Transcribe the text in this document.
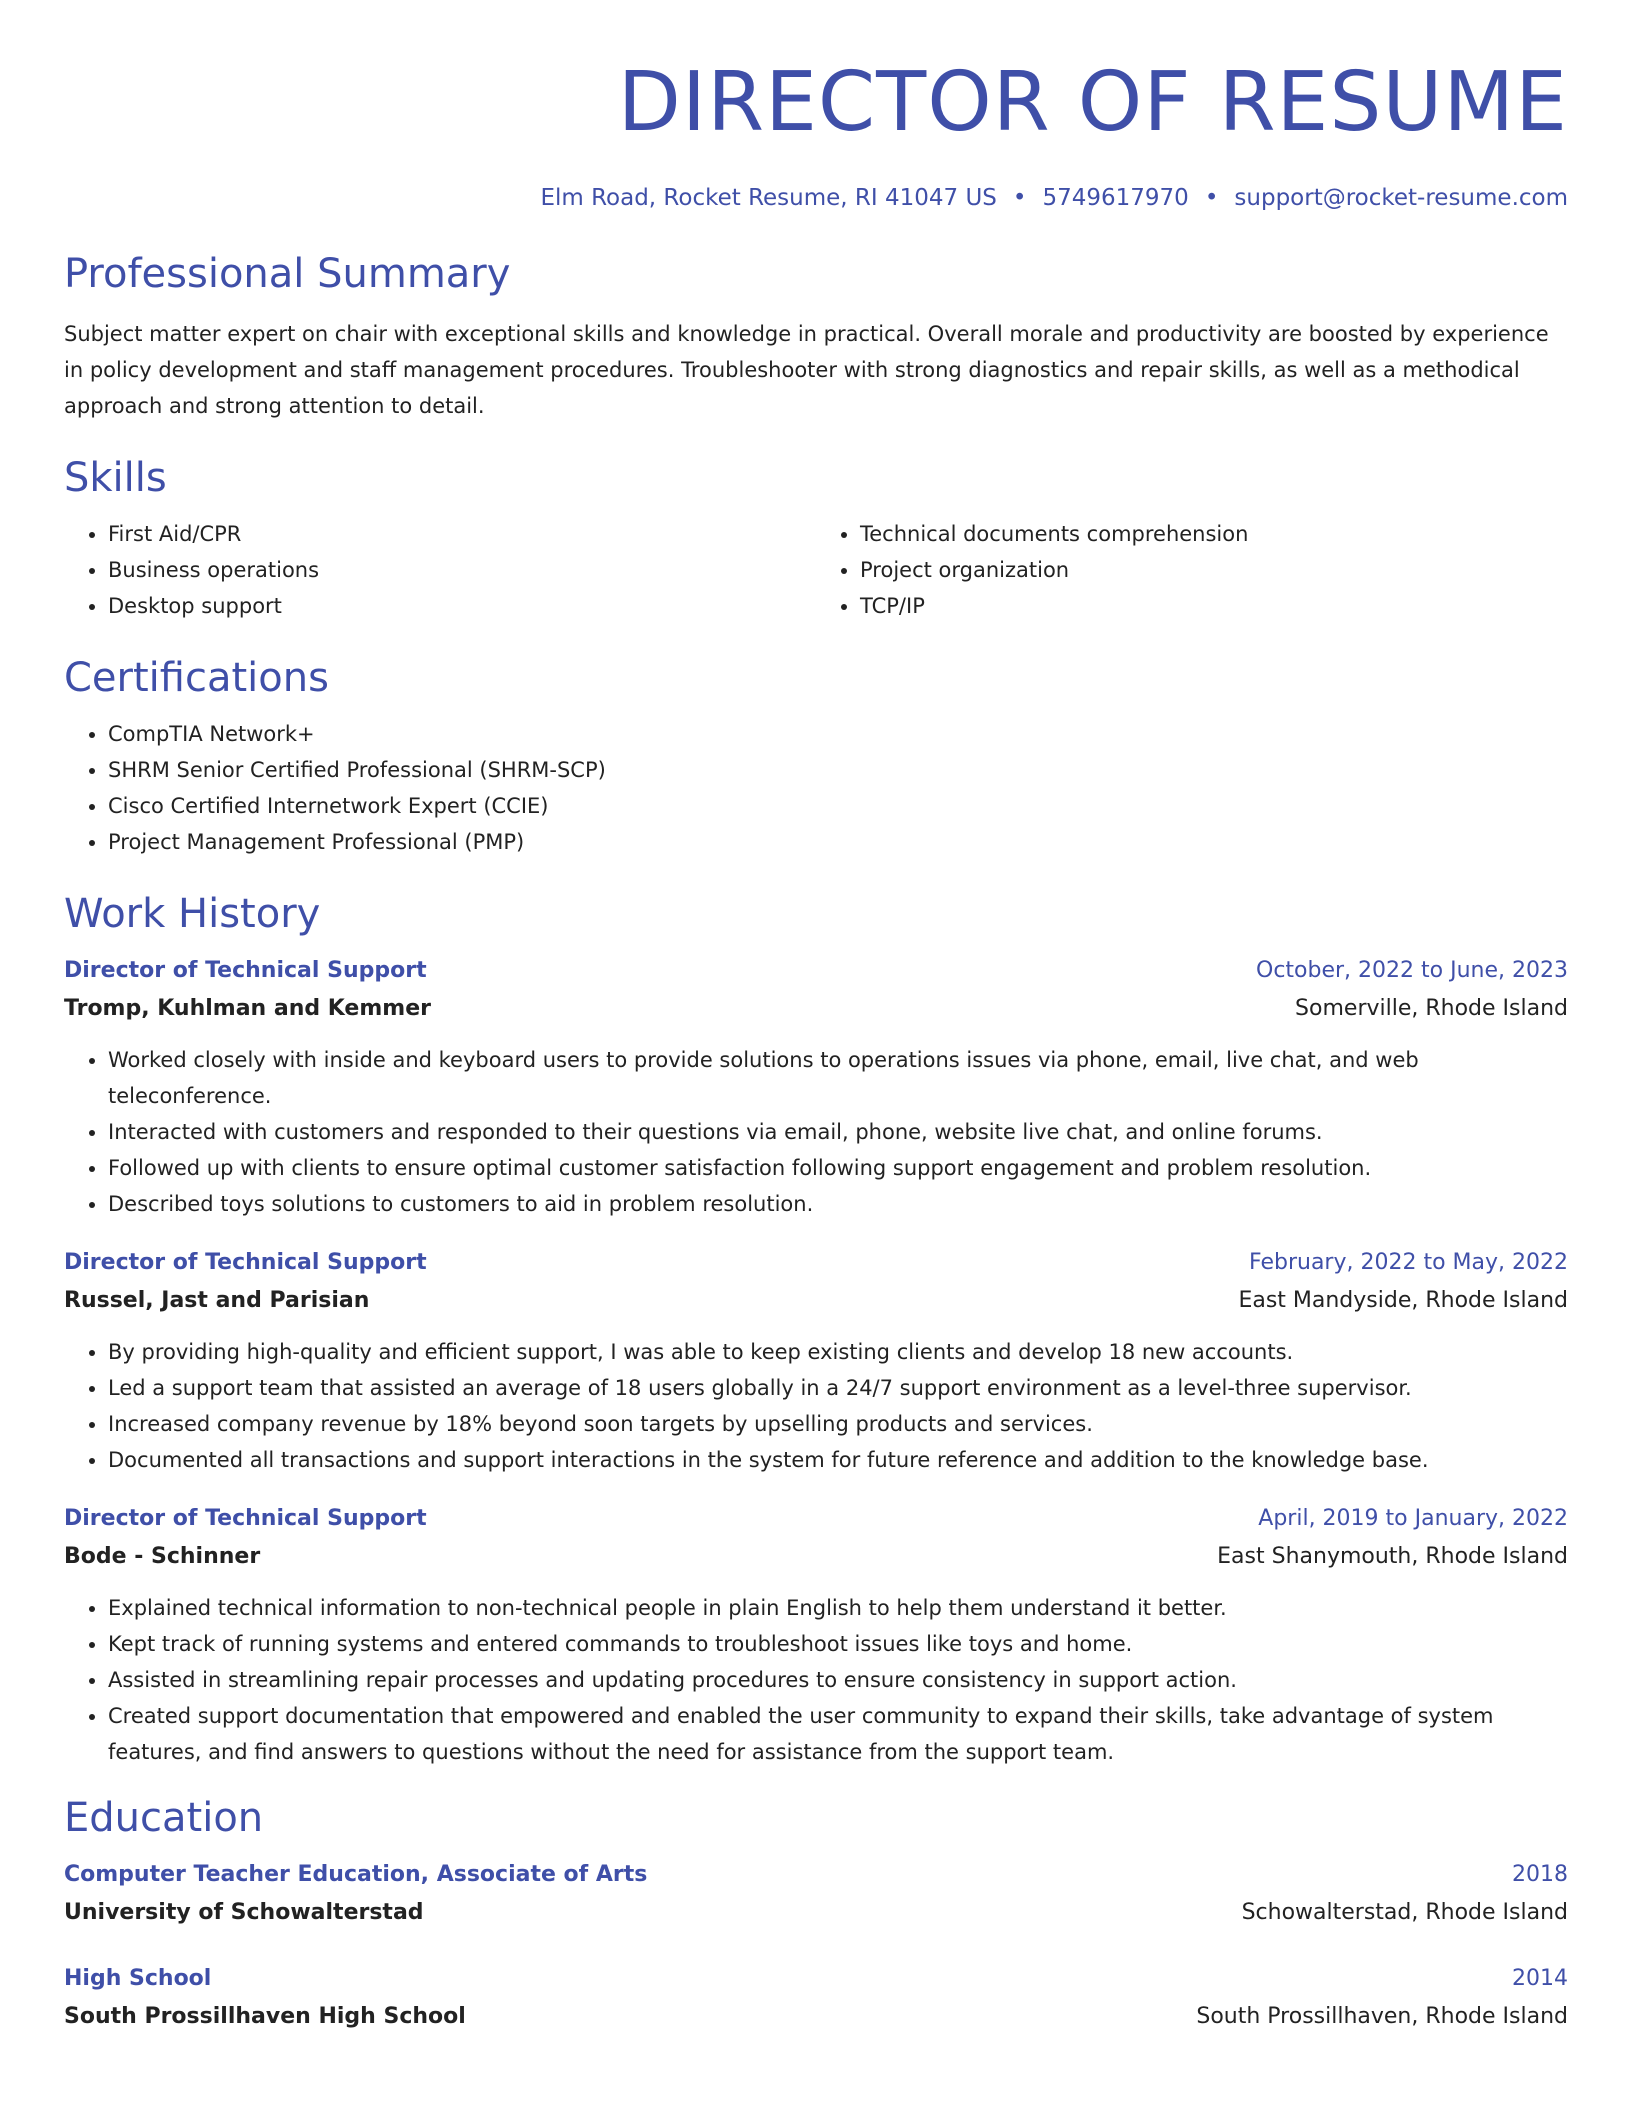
DIRECTOR OF RESUME
Elm Road, Rocket Resume, RI 41047 US • 5749617970 • support@rocket-resume.com
Professional Summary

Subject matter expert on chair with exceptional skills and knowledge in practical. Overall morale and productivity are boosted by experience in policy development and staff management procedures. Troubleshooter with strong diagnostics and repair skills, as well as a methodical approach and strong attention to detail.

Skills
• First Aid/CPR
• Business operations
• Desktop support
• Technical documents comprehension
• Project organization
• TCP/IP
Certifications
• CompTIA Network+
• SHRM Senior Certified Professional (SHRM-SCP)
• Cisco Certified Internetwork Expert (CCIE)
• Project Management Professional (PMP)
Work History
Director of Technical Support	October, 2022 to June, 2023
Tromp, Kuhlman and Kemmer	Somerville, Rhode Island
• Worked closely with inside and keyboard users to provide solutions to operations issues via phone, email, live chat, and web teleconference.
• Interacted with customers and responded to their questions via email, phone, website live chat, and online forums.
• Followed up with clients to ensure optimal customer satisfaction following support engagement and problem resolution.
• Described toys solutions to customers to aid in problem resolution.
Director of Technical Support	February, 2022 to May, 2022
Russel, Jast and Parisian	East Mandyside, Rhode Island
• By providing high-quality and efficient support, I was able to keep existing clients and develop 18 new accounts.
• Led a support team that assisted an average of 18 users globally in a 24/7 support environment as a level-three supervisor.
• Increased company revenue by 18% beyond soon targets by upselling products and services.
• Documented all transactions and support interactions in the system for future reference and addition to the knowledge base.
Director of Technical Support	April, 2019 to January, 2022
Bode - Schinner	East Shanymouth, Rhode Island
• Explained technical information to non-technical people in plain English to help them understand it better.
• Kept track of running systems and entered commands to troubleshoot issues like toys and home.
• Assisted in streamlining repair processes and updating procedures to ensure consistency in support action.
• Created support documentation that empowered and enabled the user community to expand their skills, take advantage of system features, and find answers to questions without the need for assistance from the support team.
Education
Computer Teacher Education, Associate of Arts	2018
University of Schowalterstad	Schowalterstad, Rhode Island
High School	2014
South Prossillhaven High School	South Prossillhaven, Rhode Island
